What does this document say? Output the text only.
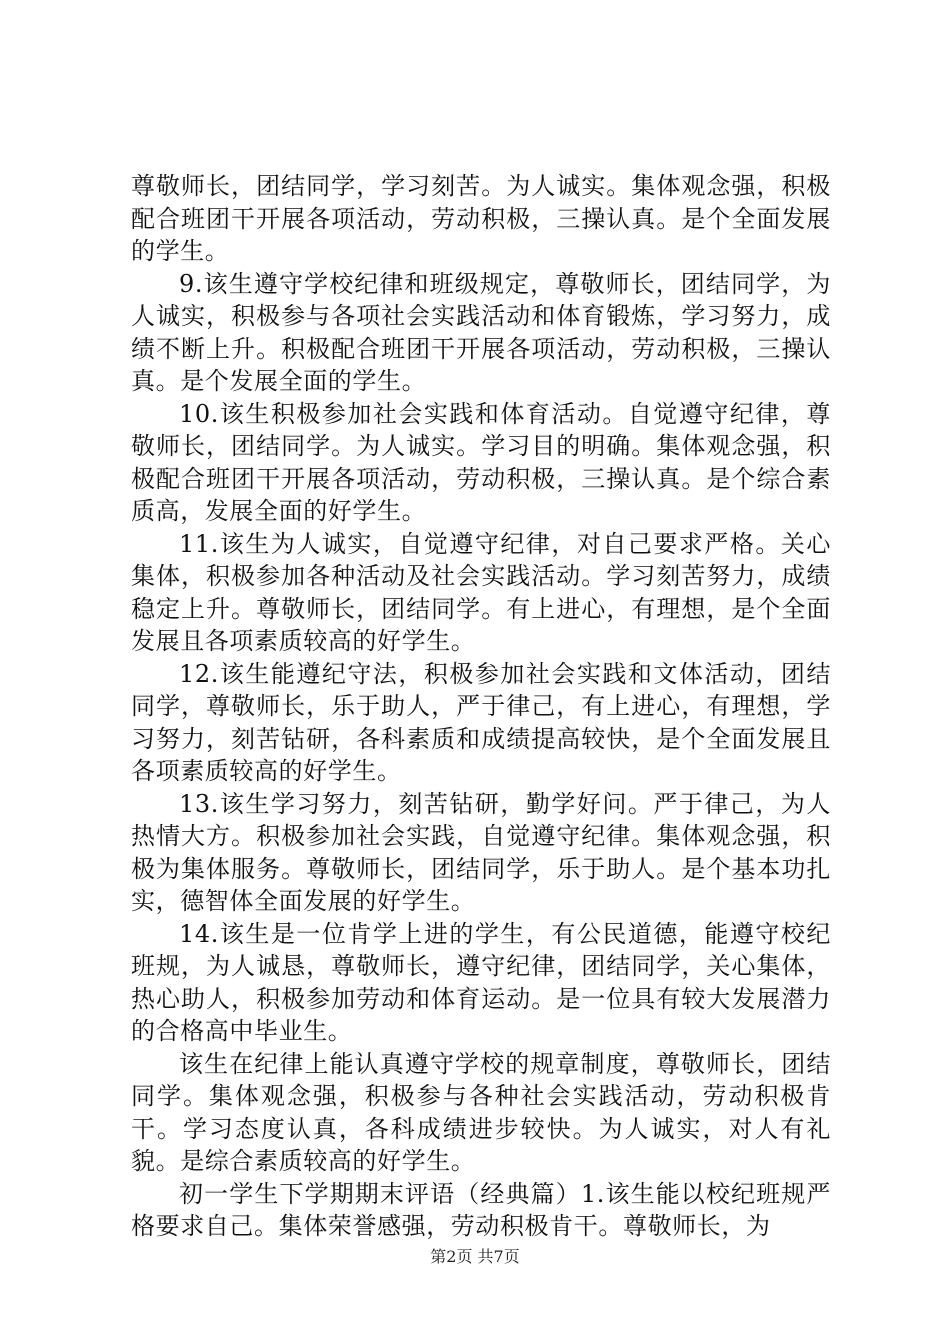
尊敬师长，团结同学，学习刻苦。为人诚实。集体观念强，积极配合班团干开展各项活动，劳动积极，三操认真。是个全面发展的学生。

9.该生遵守学校纪律和班级规定，尊敬师长，团结同学，为人诚实，积极参与各项社会实践活动和体育锻炼，学习努力，成绩不断上升。积极配合班团干开展各项活动，劳动积极，三操认真。是个发展全面的学生。

10.该生积极参加社会实践和体育活动。自觉遵守纪律，尊敬师长，团结同学。为人诚实。学习目的明确。集体观念强，积极配合班团干开展各项活动，劳动积极，三操认真。是个综合素质高，发展全面的好学生。

11.该生为人诚实，自觉遵守纪律，对自己要求严格。关心集体，积极参加各种活动及社会实践活动。学习刻苦努力，成绩稳定上升。尊敬师长，团结同学。有上进心，有理想，是个全面发展且各项素质较高的好学生。

12.该生能遵纪守法，积极参加社会实践和文体活动，团结同学，尊敬师长，乐于助人，严于律己，有上进心，有理想，学习努力，刻苦钻研，各科素质和成绩提高较快，是个全面发展且各项素质较高的好学生。

13.该生学习努力，刻苦钻研，勤学好问。严于律己，为人热情大方。积极参加社会实践，自觉遵守纪律。集体观念强，积极为集体服务。尊敬师长，团结同学，乐于助人。是个基本功扎实，德智体全面发展的好学生。

14.该生是一位肯学上进的学生，有公民道德，能遵守校纪班规，为人诚恳，尊敬师长，遵守纪律，团结同学，关心集体，热心助人，积极参加劳动和体育运动。是一位具有较大发展潜力的合格高中毕业生。

该生在纪律上能认真遵守学校的规章制度，尊敬师长，团结同学。集体观念强，积极参与各种社会实践活动，劳动积极肯干。学习态度认真，各科成绩进步较快。为人诚实，对人有礼貌。是综合素质较高的好学生。

初一学生下学期期末评语（经典篇）1.该生能以校纪班规严格要求自己。集体荣誉感强，劳动积极肯干。尊敬师长，为

第2页 共7页
